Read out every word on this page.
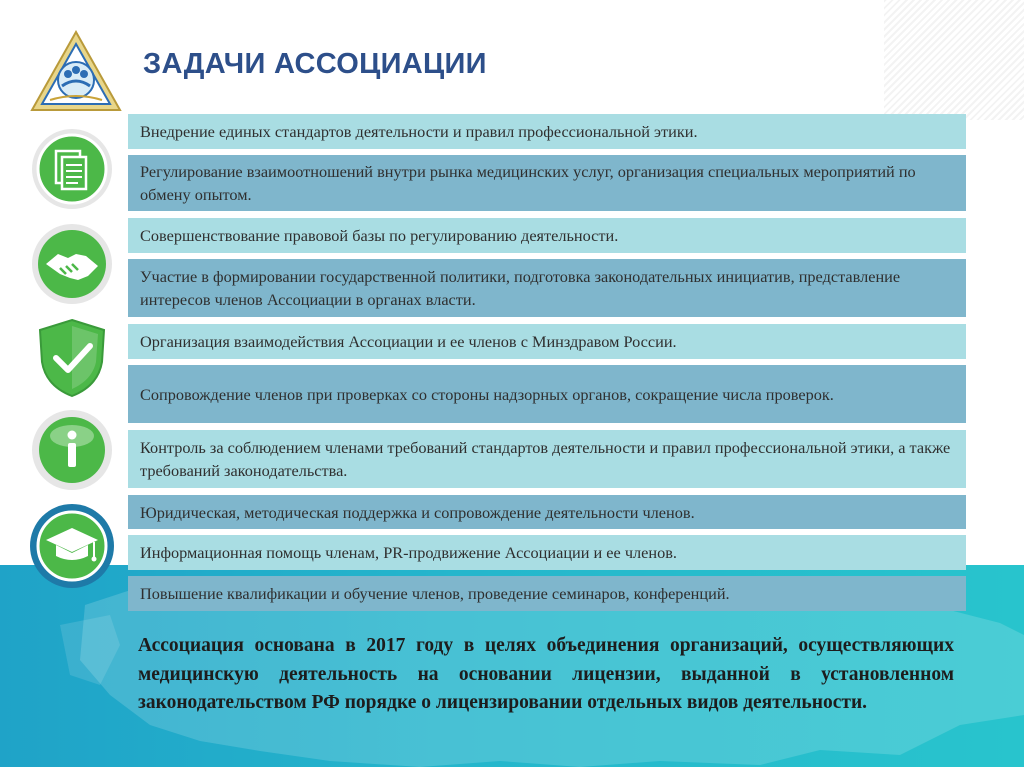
ЗАДАЧИ АССОЦИАЦИИ
Внедрение единых стандартов деятельности и правил профессиональной этики.
Регулирование взаимоотношений внутри рынка медицинских услуг, организация специальных мероприятий по обмену опытом.
Совершенствование правовой базы по регулированию деятельности.
Участие в формировании государственной политики, подготовка законодательных инициатив, представление интересов членов Ассоциации в органах власти.
Организация взаимодействия Ассоциации и ее членов с Минздравом России.
Сопровождение членов при проверках со стороны надзорных органов, сокращение числа проверок.
Контроль за соблюдением членами требований стандартов деятельности и правил профессиональной этики, а также требований законодательства.
Юридическая, методическая поддержка и сопровождение деятельности членов.
Информационная помощь членам, PR-продвижение Ассоциации и ее членов.
Повышение квалификации и обучение членов, проведение семинаров, конференций.
Ассоциация основана в 2017 году в целях объединения организаций, осуществляющих медицинскую деятельность на основании лицензии, выданной в установленном законодательством РФ порядке о лицензировании отдельных видов деятельности.
